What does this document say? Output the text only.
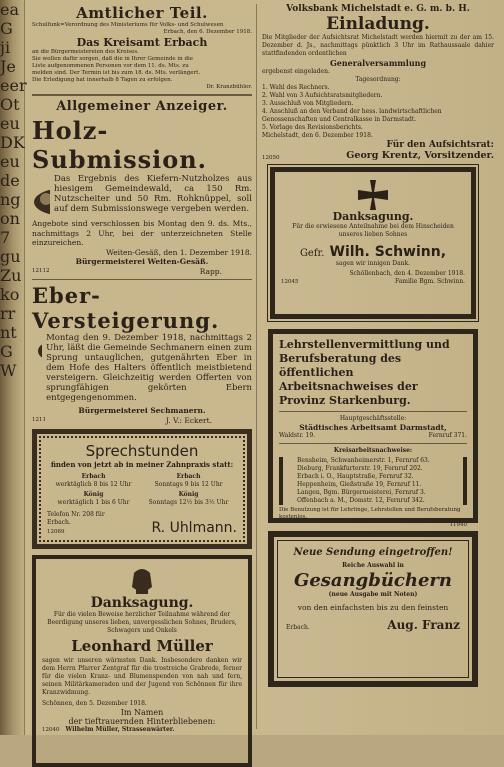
ea
G
ji
Je
eer
Ot
eu
DK
eu
de
ng
on
7
gu
Zu
ko
rr
nt
G
W
Amtlicher Teil.
Schulfunk=Verordnung des Ministeriums für Volks- und Schulwesen
Erbach, den 6. Dezember 1918.
Das Kreisamt Erbach
an die Bürgermeistereien des Kreises.
Sie wollen dafür sorgen, daß die in Ihrer Gemeinde in die
Liste aufgenommenen Personen vor dem 11. ds. Mts. zu
melden sind. Der Termin ist bis zum 18. ds. Mts. verlängert.
Die Erledigung hat innerhalb 8 Tagen zu erfolgen.
Dr. Kranzbühler.
Allgemeiner Anzeiger.
Holz-Submission.
Das Ergebnis des Kiefern-Nutzholzes aus hiesigem Gemeindewald, ca 150 Rm. Nutzscheiter und 50 Rm. Rohknüppel, soll auf dem Submissionswege vergeben werden.
Angebote sind verschlossen bis Montag den 9. ds. Mts., nachmittags 2 Uhr, bei der unterzeichneten Stelle einzureichen.
Weiten-Gesäß, den 1. Dezember 1918.
Bürgermeisterei Weiten-Gesäß.
12112	Rapp.
Eber-Versteigerung.
Montag den 9. Dezember 1918, nachmittags 2 Uhr, läßt die Gemeinde Sechmanern einen zum Sprung untauglichen, gutgenährten Eber in dem Hofe des Halters öffentlich meistbietend versteigern. Gleichzeitig werden Offerten von sprungfähigen gekörten Ebern entgegengenommen.
Bürgermeisterei Sechmanern.
1211	J. V.: Eckert.
Sprechstunden
finden von jetzt ab in meiner Zahnpraxis statt:
Erbach
werktäglich 8 bis 12 Uhr
König
werktäglich 1 bis 6 Uhr
Erbach
Sonntags 9 bis 12 Uhr
König
Sonntags 12½ bis 3½ Uhr
Telefon Nr. 208 für Erbach.
12069	R. Uhlmann.
Danksagung.
Für die vielen Beweise herzlicher Teilnahme während der Beerdigung unseres lieben, unvergesslichen Sohnes, Bruders, Schwagers und Onkels
Leonhard Müller
sagen wir unseren wärmsten Dank. Insbesondere danken wir dem Herrn Pfarrer Zentgraf für die trostreiche Grabrede, ferner für die vielen Kranz- und Blumenspenden von nah und fern, seinen Militärkameraden und der Jugend von Schönnen für ihre Kranzwidmung.
Schönnen, den 5. Dezember 1918.
Im Namen
der tieftrauernden Hinterbliebenen:
12040 Wilhelm Müller, Strassenwärter.
Volksbank Michelstadt e. G. m. b. H.
Einladung.
Die Mitglieder der Aufsichtsrat Michelstadt werden hiermit zu der am 15. Dezember d. Js., nachmittags pünktlich 3 Uhr im Rathaussaale dahier stattfindenden ordentlichen
Generalversammlung
ergebenst eingeladen.
Tagesordnung:
1. Wahl des Rechners.
2. Wahl von 3 Aufsichtsratsmitgliedern.
3. Ausschluß von Mitgliedern.
4. Anschluß an den Verband der hess. landwirtschaftlichen Genossenschaften und Centralkasse in Darmstadt.
5. Vorlage des Revisionsberichts.
Michelstadt, den 6. Dezember 1918.
Für den Aufsichtsrat:
12050	Georg Krentz, Vorsitzender.
Danksagung.
Für die erwiesene Anteilnahme bei dem Hinscheiden unseres lieben Sohnes
Gefr. Wilh. Schwinn,
sagen wir innigen Dank.
Schöllenbach, den 4. Dezember 1918.
12045	Familie Bgm. Schwinn.
Lehrstellenvermittlung und Berufsberatung des öffentlichen Arbeitsnachweises der Provinz Starkenburg.
Hauptgeschäftsstelle:
Städtisches Arbeitsamt Darmstadt,
Waldstr. 19.	Fernruf 371.
Kreisarbeitsnachweise:
Bensheim, Schwanheimerstr. 1, Fernruf 63.
Dieburg, Frankfurterstr. 19, Fernruf 202.
Erbach i. O., Hauptstraße, Fernruf 32.
Heppenheim, Gießstraße 19, Fernruf 11.
Langen, Bgm. Bürgermeisterei, Fernruf 3.
Offenbach a. M., Domstr. 12, Fernruf 342.
Die Benutzung ist für Lehrlinge, Lehrstellen und Berufsberatung kostenlos.
11940
Neue Sendung eingetroffen!
Reiche Auswahl in
Gesangbüchern
(neue Ausgabe mit Noten)
von den einfachsten bis zu den feinsten
Erbach.	Aug. Franz
